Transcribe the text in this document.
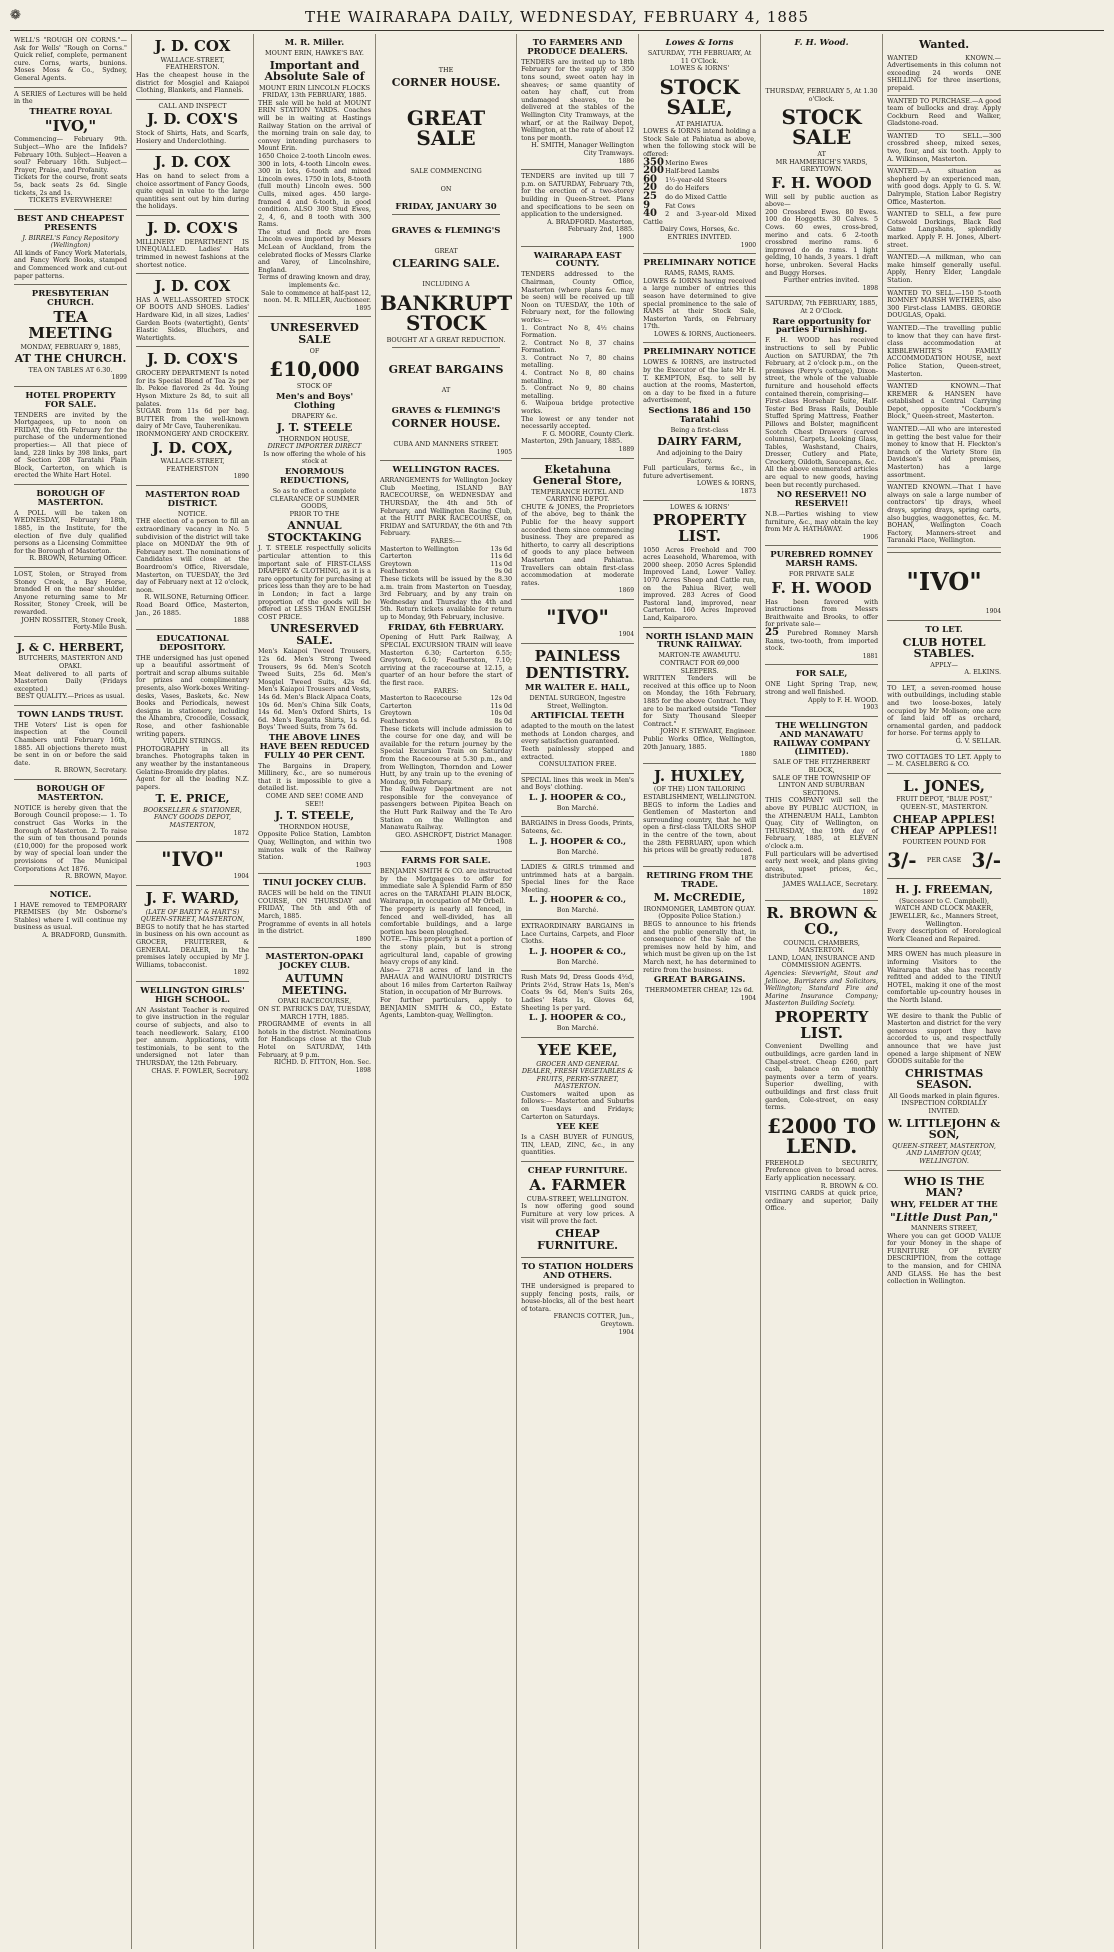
❁	THE WAIRARAPA DAILY, WEDNESDAY, FEBRUARY 4, 1885
WELL'S "ROUGH ON CORNS."—Ask for Wells' "Rough on Corns." Quick relief, complete, permanent cure. Corns, warts, bunions. Moses Moss & Co., Sydney, General Agents.
A SERIES of Lectures will be held in the
THEATRE ROYAL
"IVO,"
Commencing— February 9th. Subject—Who are the Infidels? February 10th. Subject—Heaven a soul? February 16th. Subject—Prayer, Praise, and Profanity.
Tickets for the course, front seats 5s, back seats 2s 6d. Single tickets, 2s and 1s.
TICKETS EVERYWHERE!
BEST AND CHEAPEST PRESENTS
J. BIRREL'S Fancy Repository (Wellington)
All kinds of Fancy Work Materials, and Fancy Work Books, stamped and Commenced work and cut-out paper patterns.
PRESBYTERIAN CHURCH.
TEA MEETING
MONDAY, FEBRUARY 9, 1885,
AT THE CHURCH.
TEA ON TABLES AT 6.30.
1899
HOTEL PROPERTY FOR SALE.
TENDERS are invited by the Mortgagees, up to noon on FRIDAY, the 6th February for the purchase of the undermentioned properties:— All that piece of land, 228 links by 398 links, part of Section 208 Taratahi Plain Block, Carterton, on which is erected the White Hart Hotel.
BOROUGH OF MASTERTON.
A POLL will be taken on WEDNESDAY, February 18th, 1885, in the Institute, for the election of five duly qualified persons as a Licensing Committee for the Borough of Masterton.
R. BROWN, Returning Officer.
LOST, Stolen, or Strayed from Stoney Creek, a Bay Horse, branded H on the near shoulder. Anyone returning same to Mr Rossiter, Stoney Creek, will be rewarded.
JOHN ROSSITER, Stoney Creek, Forty-Mile Bush.
J. & C. HERBERT,
BUTCHERS, MASTERTON AND OPAKI.
Meat delivered to all parts of Masterton Daily (Fridays excepted.)
BEST QUALITY.—Prices as usual.
TOWN LANDS TRUST.
THE Voters' List is open for inspection at the Council Chambers until February 16th, 1885. All objections thereto must be sent in on or before the said date.
R. BROWN, Secretary.
BOROUGH OF MASTERTON.
NOTICE is hereby given that the Borough Council propose:— 1. To construct Gas Works in the Borough of Masterton. 2. To raise the sum of ten thousand pounds (£10,000) for the proposed work by way of special loan under the provisions of The Municipal Corporations Act 1876.
R. BROWN, Mayor.
NOTICE.
I HAVE removed to TEMPORARY PREMISES (by Mr. Osborne's Stables) where I will continue my business as usual.
A. BRADFORD, Gunsmith.
J. D. COX
WALLACE-STREET, FEATHERSTON.
Has the cheapest house in the district for Mosgiel and Kaiapoi Clothing, Blankets, and Flannels.
CALL AND INSPECT
J. D. COX'S
Stock of Shirts, Hats, and Scarfs, Hosiery and Underclothing.
J. D. COX
Has on hand to select from a choice assortment of Fancy Goods, quite equal in value to the large quantities sent out by him during the holidays.
J. D. COX'S
MILLINERY DEPARTMENT IS UNEQUALLED. Ladies' Hats trimmed in newest fashions at the shortest notice.
J. D. COX
HAS A WELL-ASSORTED STOCK OF BOOTS AND SHOES. Ladies' Hardware Kid, in all sizes, Ladies' Garden Boots (watertight), Gents' Elastic Sides, Bluchers, and Watertights.
J. D. COX'S
GROCERY DEPARTMENT Is noted for its Special Blend of Tea 2s per lb. Pekoe flavored 2s 4d. Young Hyson Mixture 2s 8d, to suit all palates.
SUGAR from 11s 6d per bag. BUTTER from the well-known dairy of Mr Cave, Tauherenikau.
IRONMONGERY AND CROCKERY.
J. D. COX,
WALLACE-STREET, FEATHERSTON
1890
MASTERTON ROAD DISTRICT.
NOTICE.
THE election of a person to fill an extraordinary vacancy in No. 5 subdivision of the district will take place on MONDAY the 9th of February next. The nominations of Candidates will close at the Boardroom's Office, Riversdale, Masterton, on TUESDAY, the 3rd day of February next at 12 o'clock, noon.
R. WILSONE, Returning Officer.
Road Board Office, Masterton, Jan., 26 1885.
1888
EDUCATIONAL DEPOSITORY.
THE undersigned has just opened up a beautiful assortment of portrait and scrap albums suitable for prizes and complimentary presents, also Work-boxes Writing-desks, Vases, Baskets, &c. New Books and Periodicals, newest designs in stationery, including the Alhambra, Crocodile, Cossack, Rose, and other fashionable writing papers.
VIOLIN STRINGS.
PHOTOGRAPHY in all its branches. Photographs taken in any weather by the instantaneous Gelatine-Bromide dry plates.
Agent for all the leading N.Z. papers.
T. E. PRICE,
BOOKSELLER & STATIONER, FANCY GOODS DEPOT, MASTERTON,
1872
"IVO"
1904
J. F. WARD,
(LATE OF BARTY & HART'S) QUEEN-STREET, MASTERTON,
BEGS to notify that he has started in business on his own account as GROCER, FRUITERER, & GENERAL DEALER, in the premises lately occupied by Mr J. Williams, tobacconist.
1892
WELLINGTON GIRLS' HIGH SCHOOL.
AN Assistant Teacher is required to give instruction in the regular course of subjects, and also to teach needlework. Salary, £100 per annum. Applications, with testimonials, to be sent to the undersigned not later than THURSDAY, the 12th February.
CHAS. F. FOWLER, Secretary.
1902
M. R. Miller.
MOUNT ERIN, HAWKE'S BAY.
Important and Absolute Sale of
MOUNT ERIN LINCOLN FLOCKS
FRIDAY, 13th FEBRUARY, 1885.
THE sale will be held at MOUNT ERIN STATION YARDS. Coaches will be in waiting at Hastings Railway Station on the arrival of the morning train on sale day, to convey intending purchasers to Mount Erin.
1650 Choice 2-tooth Lincoln ewes. 300 in lots, 4-tooth Lincoln ewes. 300 in lots, 6-tooth and mixed Lincoln ewes. 1750 in lots, 8-tooth (full mouth) Lincoln ewes. 500 Culls, mixed ages. 450 large-framed 4 and 6-tooth, in good condition. ALSO 300 Stud Ewes, 2, 4, 6, and 8 tooth with 300 Rams.
The stud and flock are from Lincoln ewes imported by Messrs McLean of Auckland, from the celebrated flocks of Messrs Clarke and Varey, of Lincolnshire, England.
Terms of drawing known and dray, implements &c.
Sale to commence at half-past 12, noon. M. R. MILLER, Auctioneer.
1895
UNRESERVED SALE
OF
£10,000
STOCK OF
Men's and Boys' Clothing
DRAPERY &c.
J. T. STEELE
THORNDON HOUSE,
DIRECT IMPORTER DIRECT
Is now offering the whole of his stock at
ENORMOUS REDUCTIONS,
So as to effect a complete CLEARANCE OF SUMMER GOODS,
PRIOR TO THE
ANNUAL STOCKTAKING
J. T. STEELE respectfully solicits particular attention to this important sale of FIRST-CLASS DRAPERY & CLOTHING, as it is a rare opportunity for purchasing at prices less than they are to be had in London; in fact a large proportion of the goods will be offered at LESS THAN ENGLISH COST PRICE.
UNRESERVED SALE.
Men's Kaiapoi Tweed Trousers, 12s 6d. Men's Strong Tweed Trousers, 9s 6d. Men's Scotch Tweed Suits, 25s 6d. Men's Mosgiel Tweed Suits, 42s 6d. Men's Kaiapoi Trousers and Vests, 14s 6d. Men's Black Alpaca Coats, 10s 6d. Men's China Silk Coats, 14s 6d. Men's Oxford Shirts, 1s 6d. Men's Regatta Shirts, 1s 6d. Boys' Tweed Suits, from 7s 6d.
THE ABOVE LINES HAVE BEEN REDUCED FULLY 40 PER CENT.
The Bargains in Drapery, Millinery, &c., are so numerous that it is impossible to give a detailed list.
COME AND SEE! COME AND SEE!!
J. T. STEELE,
THORNDON HOUSE,
Opposite Police Station, Lambton Quay, Wellington, and within two minutes walk of the Railway Station.
1903
TINUI JOCKEY CLUB.
RACES will be held on the TINUI COURSE, ON THURSDAY and FRIDAY, The 5th and 6th of March, 1885.
Programme of events in all hotels in the district.
1890
MASTERTON-OPAKI JOCKEY CLUB.
AUTUMN MEETING.
OPAKI RACECOURSE,
ON ST. PATRICK'S DAY, TUESDAY, MARCH 17TH, 1885.
PROGRAMME of events in all hotels in the district. Nominations for Handicaps close at the Club Hotel on SATURDAY, 14th February, at 9 p.m.
RICHD. D. FITTON, Hon. Sec.
1898
THE
CORNER HOUSE.
GREAT SALE
SALE COMMENCING
ON
FRIDAY, JANUARY 30
GRAVES & FLEMING'S
GREAT
CLEARING SALE.
INCLUDING A
BANKRUPT STOCK
BOUGHT AT A GREAT REDUCTION.
GREAT BARGAINS
AT
GRAVES & FLEMING'S
CORNER HOUSE.
CUBA AND MANNERS STREET.
1905
WELLINGTON RACES.
ARRANGEMENTS for Wellington Jockey Club Meeting, ISLAND BAY RACECOURSE, on WEDNESDAY and THURSDAY, the 4th and 5th of February, and Wellington Racing Club, at the HUTT PARK RACECOURSE, on FRIDAY and SATURDAY, the 6th and 7th February.
FARES:—
Masterton to Wellington	13s 6d
Carterton	11s 6d
Greytown	11s 0d
Featherston	9s 0d
These tickets will be issued by the 8.30 a.m. train from Masterton on Tuesday, 3rd February, and by any train on Wednesday and Thursday the 4th and 5th. Return tickets available for return up to Monday, 9th February, inclusive.
FRIDAY, 6th FEBRUARY.
Opening of Hutt Park Railway, A SPECIAL EXCURSION TRAIN will leave Masterton 6.30; Carterton 6.55; Greytown, 6.10; Featherston, 7.10; arriving at the racecourse at 12.15, a quarter of an hour before the start of the first race.
FARES:
Masterton to Racecourse	12s 0d
Carterton	11s 0d
Greytown	10s 0d
Featherston	8s 0d
These tickets will include admission to the course for one day, and will be available for the return journey by the Special Excursion Train on Saturday from the Racecourse at 5.30 p.m., and from Wellington, Thorndon and Lower Hutt, by any train up to the evening of Monday, 9th February.
The Railway Department are not responsible for the conveyance of passengers between Pipitea Beach on the Hutt Park Railway and the Te Aro Station on the Wellington and Manawatu Railway.
GEO. ASHCROFT, District Manager.
1908
FARMS FOR SALE.
BENJAMIN SMITH & CO. are instructed by the Mortgagees to offer for immediate sale A Splendid Farm of 850 acres on the TARATAHI PLAIN BLOCK, Wairarapa, in occupation of Mr Orbell.
The property is nearly all fenced, in fenced and well-divided, has all comfortable buildings, and a large portion has been ploughed.
NOTE.—This property is not a portion of the stony plain, but is strong agricultural land, capable of growing heavy crops of any kind.
Also— 2718 acres of land in the PAHAUA and WAINUIORU DISTRICTS about 16 miles from Carterton Railway Station, in occupation of Mr Burrows.
For further particulars, apply to BENJAMIN SMITH & CO., Estate Agents, Lambton-quay, Wellington.
TO FARMERS AND PRODUCE DEALERS.
TENDERS are invited up to 18th February for the supply of 350 tons sound, sweet oaten hay in sheaves; or same quantity of oaten hay chaff, cut from undamaged sheaves, to be delivered at the stables of the Wellington City Tramways, at the wharf, or at the Railway Depot, Wellington, at the rate of about 12 tons per month.
H. SMITH, Manager Wellington City Tramways.
1886
TENDERS are invited up till 7 p.m. on SATURDAY, February 7th, for the erection of a two-storey building in Queen-Street. Plans and specifications to be seen on application to the undersigned.
A. BRADFORD. Masterton, February 2nd, 1885.
1900
WAIRARAPA EAST COUNTY.
TENDERS addressed to the Chairman, County Office, Masterton (where plans &c. may be seen) will be received up till Noon on TUESDAY, the 10th of February next, for the following works:—
1. Contract No 8, 4½ chains Formation.
2. Contract No 8, 37 chains Formation.
3. Contract No 7, 80 chains metalling.
4. Contract No 8, 80 chains metalling.
5. Contract No 9, 80 chains metalling.
6. Waipoua bridge protective works.
The lowest or any tender not necessarily accepted.
F. G. MOORE, County Clerk.
Masterton, 29th January, 1885.
1889
Eketahuna General Store,
TEMPERANCE HOTEL AND CARRYING DEPOT.
CHUTE & JONES, the Proprietors of the above, beg to thank the Public for the heavy support accorded them since commencing business. They are prepared as hitherto, to carry all descriptions of goods to any place between Masterton and Pahiatua. Travellers can obtain first-class accommodation at moderate rates.
1869
"IVO"
1904
PAINLESS
DENTISTRY.
MR WALTER E. HALL,
DENTAL SURGEON, Ingestre Street, Wellington.
ARTIFICIAL TEETH
adapted to the mouth on the latest methods at London charges, and every satisfaction guaranteed.
Teeth painlessly stopped and extracted.
CONSULTATION FREE.
SPECIAL lines this week in Men's and Boys' clothing.
L. J. HOOPER & CO.,
Bon Marché.
BARGAINS in Dress Goods, Prints, Sateens, &c.
L. J. HOOPER & CO.,
Bon Marché.
LADIES & GIRLS trimmed and untrimmed hats at a bargain. Special lines for the Race Meeting.
L. J. HOOPER & CO.,
Bon Marché.
EXTRAORDINARY BARGAINS in Lace Curtains, Carpets, and Floor Cloths.
L. J. HOOPER & CO.,
Bon Marché.
Rush Mats 9d, Dress Goods 4½d, Prints 2½d, Straw Hats 1s, Men's Coats 9s 6d, Men's Suits 26s, Ladies' Hats 1s, Gloves 6d, Sheeting 1s per yard.
L. J. HOOPER & CO.,
Bon Marché.
YEE KEE,
GROCER AND GENERAL DEALER, FRESH VEGETABLES & FRUITS, PERRY-STREET, MASTERTON.
Customers waited upon as follows:— Masterton and Suburbs on Tuesdays and Fridays; Carterton on Saturdays.
YEE KEE
Is a CASH BUYER of FUNGUS, TIN, LEAD, ZINC, &c., in any quantities.
CHEAP FURNITURE.
A. FARMER
CUBA-STREET, WELLINGTON.
Is now offering good sound Furniture at very low prices. A visit will prove the fact.
CHEAP FURNITURE.
TO STATION HOLDERS AND OTHERS.
THE undersigned is prepared to supply fencing posts, rails, or house-blocks, all of the best heart of totara.
FRANCIS COTTER, Jun., Greytown.
1904
Lowes & Iorns
SATURDAY, 7TH FEBRUARY, At 11 O'Clock.
LOWES & IORNS'
STOCK SALE,
AT PAHIATUA.
LOWES & IORNS intend holding a Stock Sale at Pahiatua as above, when the following stock will be offered:
350Merino Ewes
200Half-bred Lambs
60 1½-year-old Steers
20 do do Heifers
25 do do Mixed Cattle
9 Fat Cows
40 2 and 3-year-old Mixed Cattle
Dairy Cows, Horses, &c.
ENTRIES INVITED.
1900
PRELIMINARY NOTICE
RAMS, RAMS, RAMS.
LOWES & IORNS having received a large number of entries this season have determined to give special prominence to the sale of RAMS at their Stock Sale, Masterton Yards, on February 17th.
LOWES & IORNS, Auctioneers.
PRELIMINARY NOTICE
LOWES & IORNS, are instructed by the Executor of the late Mr H. T. KEMPTON, Esq. to sell by auction at the rooms, Masterton, on a day to be fixed in a future advertisement,
Sections 186 and 150 Taratahi
Being a first-class
DAIRY FARM,
And adjoining to the Dairy Factory.
Full particulars, terms &c., in future advertisement.
LOWES & IORNS,
1873
LOWES & IORNS'
PROPERTY LIST.
1050 Acres Freehold and 700 acres Leasehold, Wharemoa, with 2000 sheep. 2050 Acres Splendid Improved Land, Lower Valley. 1070 Acres Sheep and Cattle run, on the Pahiua River, well improved. 283 Acres of Good Pastoral land, improved, near Carterton. 160 Acres Improved Land, Kaiparoro.
NORTH ISLAND MAIN TRUNK RAILWAY.
MARTON-TE AWAMUTU.
CONTRACT FOR 69,000 SLEEPERS.
WRITTEN Tenders will be received at this office up to Noon on Monday, the 16th February, 1885 for the above Contract. They are to be marked outside "Tender for Sixty Thousand Sleeper Contract."
JOHN F. STEWART, Engineer.
Public Works Office, Wellington, 20th January, 1885.
1880
J. HUXLEY,
(OF THE) LION TAILORING ESTABLISHMENT, WELLINGTON.
BEGS to inform the Ladies and Gentlemen of Masterton and surrounding country, that he will open a first-class TAILORS SHOP in the centre of the town, about the 28th FEBRUARY, upon which his prices will be greatly reduced.
1878
RETIRING FROM THE TRADE.
M. McCREDIE,
IRONMONGER, LAMBTON QUAY. (Opposite Police Station.)
BEGS to announce to his friends and the public generally that, in consequence of the Sale of the premises now held by him, and which must be given up on the 1st March next, he has determined to retire from the business.
GREAT BARGAINS.
THERMOMETER CHEAP, 12s 6d.
1904
F. H. Wood.
THURSDAY, FEBRUARY 5, At 1.30 o'Clock.
STOCK SALE
AT
MR HAMMERICH'S YARDS, GREYTOWN.
F. H. WOOD
Will sell by public auction as above—
200 Crossbred Ewes. 80 Ewes. 100 do Hoggetts. 30 Calves. 5 Cows. 60 ewes, cross-bred, merino and cats. 6 2-tooth crossbred merino rams. 6 improved do do rams. 1 light gelding, 10 hands, 3 years. 1 draft horse, unbroken. Several Hacks and Buggy Horses.
Further entries invited.
1898
SATURDAY, 7th FEBRUARY, 1885, At 2 O'Clock.
Rare opportunity for parties Furnishing.
F. H. WOOD has received instructions to sell by Public Auction on SATURDAY, the 7th February, at 2 o'clock p.m., on the premises (Perry's cottage), Dixon-street, the whole of the valuable furniture and household effects contained therein, comprising—
First-class Horsehair Suite, Half-Tester Bed Brass Rails, Double Stuffed Spring Mattress, Feather Pillows and Bolster, magnificent Scotch Chest Drawers (carved columns), Carpets, Looking Glass, Tables, Washstand, Chairs, Dresser, Cutlery and Plate, Crockery, Oildoth, Saucepans, &c.
All the above enumerated articles are equal to new goods, having been but recently purchased.
NO RESERVE!! NO RESERVE!!
N.B.—Parties wishing to view furniture, &c., may obtain the key from Mr A. HATHAWAY.
1906
PUREBRED ROMNEY MARSH RAMS.
FOR PRIVATE SALE
F. H. WOOD
Has been favored with instructions from Messrs Braithwaite and Brooks, to offer for private sale—
25 Purebred Romney Marsh Rams, two-tooth, from imported stock.
1881
FOR SALE,
ONE Light Spring Trap, new, strong and well finished.
Apply to F. H. WOOD.
1903
THE WELLINGTON AND MANAWATU RAILWAY COMPANY (LIMITED).
SALE OF THE FITZHERBERT BLOCK,
SALE OF THE TOWNSHIP OF LINTON AND SUBURBAN SECTIONS.
THIS COMPANY will sell the above BY PUBLIC AUCTION, in the ATHENÆUM HALL, Lambton Quay, City of Wellington, on THURSDAY, the 19th day of February, 1885, at ELEVEN o'clock a.m.
Full particulars will be advertised early next week, and plans giving areas, upset prices, &c., distributed.
JAMES WALLACE, Secretary.
1892
R. BROWN & CO.,
COUNCIL CHAMBERS, MASTERTON.
LAND, LOAN, INSURANCE AND COMMISSION AGENTS.
Agencies: Sievwright, Stout and Jellicoe, Barristers and Solicitors, Wellington; Standard Fire and Marine Insurance Company; Masterton Building Society.
PROPERTY LIST.
Convenient Dwelling and outbuildings, acre garden land in Chapel-street. Cheap £260, part cash, balance on monthly payments over a term of years. Superior dwelling, with outbuildings and first class fruit garden, Cole-street, on easy terms.
£2000 TO LEND.
FREEHOLD SECURITY, Preference given to broad acres. Early application necessary.
R. BROWN & CO.
VISITING CARDS at quick price, ordinary and superior, Daily Office.
Wanted.
WANTED KNOWN.—Advertisements in this column not exceeding 24 words ONE SHILLING for three insertions, prepaid.
WANTED TO PURCHASE.—A good team of bullocks and dray. Apply Cockburn Reed and Walker, Gladstone-road.
WANTED TO SELL.—300 crossbred sheep, mixed sexes, two, four, and six tooth. Apply to A. Wilkinson, Masterton.
WANTED.—A situation as shepherd by an experienced man, with good dogs. Apply to G. S. W. Dalrymple, Station Labor Registry Office, Masterton.
WANTED to SELL, a few pure Cotswold Dorkings, Black Red Game Langshans, splendidly marked. Apply F. H. Jones, Albert-street.
WANTED.—A milkman, who can make himself generally useful. Apply, Henry Elder, Langdale Station.
WANTED TO SELL.—150 5-tooth ROMNEY MARSH WETHERS, also 300 First-class LAMBS. GEORGE DOUGLAS, Opaki.
WANTED.—The travelling public to know that they can have first-class accommodation at KIBBLEWHITE'S FAMILY ACCOMMODATION HOUSE, next Police Station, Queen-street, Masterton.
WANTED KNOWN.—That KREMER & HANSEN have established a Central Carrying Depot, opposite "Cockburn's Block," Queen-street, Masterton.
WANTED.—All who are interested in getting the best value for their money to know that H. Fleckton's branch of the Variety Store (in Davidson's old premises, Masterton) has a large assortment.
WANTED KNOWN.—That I have always on sale a large number of contractors' tip drays, wheel drays, spring drays, spring carts, also buggies, waggonettes, &c. M. BOHAN, Wellington Coach Factory, Manners-street and Taranaki Place, Wellington.
"IVO"
1904
TO LET.
CLUB HOTEL STABLES.
APPLY—
A. ELKINS.
TO LET, a seven-roomed house with outbuildings, including stable and two loose-boxes, lately occupied by Mr Molison; one acre of land laid off as orchard, ornamental garden, and paddock for horse. For terms apply to
G. V. SELLAR.
TWO COTTAGES TO LET. Apply to— M. CASELBERG & CO.
L. JONES,
FRUIT DEPOT, "BLUE POST," QUEEN-ST., MASTERTON.
CHEAP APPLES! CHEAP APPLES!!
FOURTEEN POUND FOR
3/- PER CASE 3/-
H. J. FREEMAN,
(Successor to C. Campbell), WATCH AND CLOCK MAKER, JEWELLER, &c., Manners Street, Wellington.
Every description of Horological Work Cleaned and Repaired.
MRS OWEN has much pleasure in informing Visitors to the Wairarapa that she has recently refitted and added to the TINUI HOTEL, making it one of the most comfortable up-country houses in the North Island.
WE desire to thank the Public of Masterton and district for the very generous support they have accorded to us, and respectfully announce that we have just opened a large shipment of NEW GOODS suitable for the
CHRISTMAS SEASON.
All Goods marked in plain figures.
INSPECTION CORDIALLY INVITED.
W. LITTLEJOHN & SON,
QUEEN-STREET, MASTERTON, AND LAMBTON QUAY, WELLINGTON.
WHO IS THE MAN?
WHY, FELDER AT THE
"Little Dust Pan,"
MANNERS STREET,
Where you can get GOOD VALUE for your Money in the shape of FURNITURE OF EVERY DESCRIPTION, from the cottage to the mansion, and for CHINA AND GLASS. He has the best collection in Wellington.
